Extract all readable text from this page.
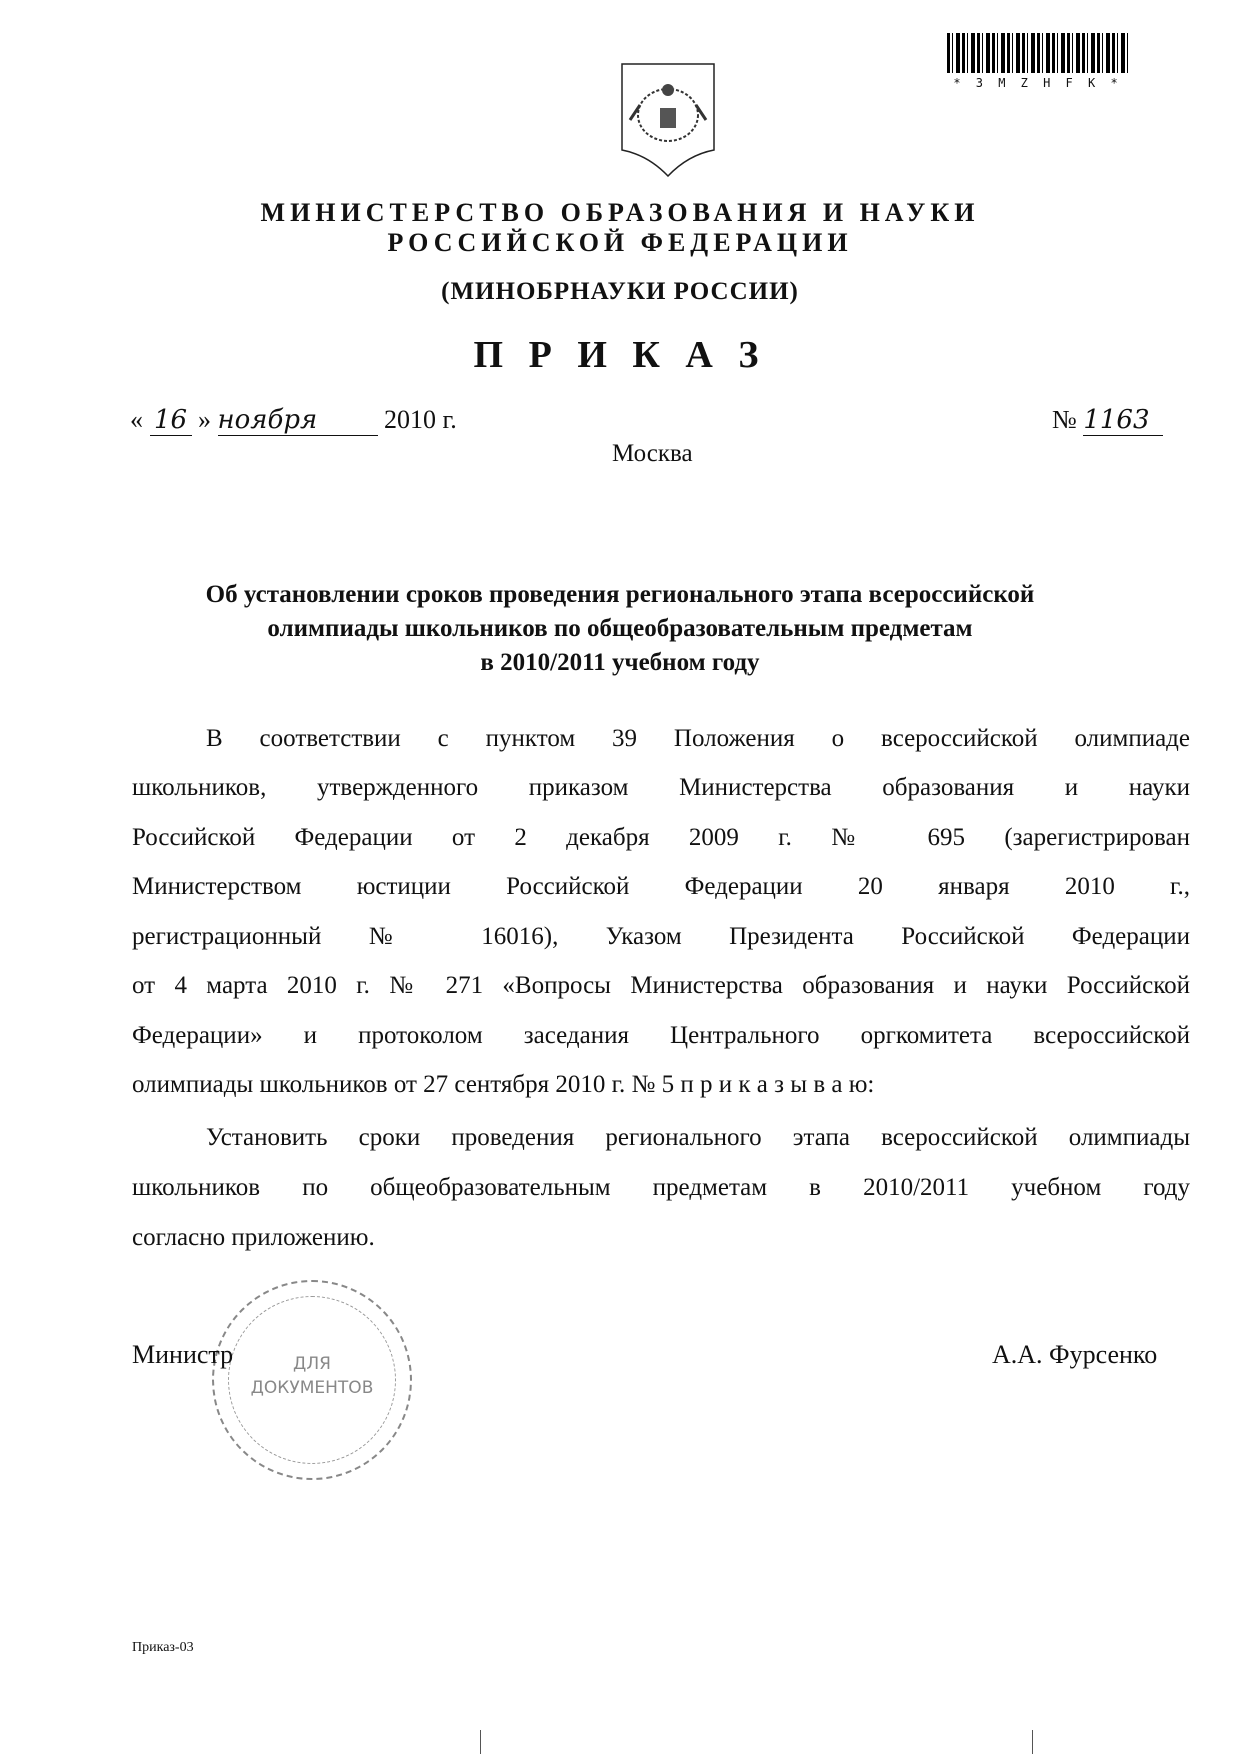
* 3 M Z H F K *
МИНИСТЕРСТВО ОБРАЗОВАНИЯ И НАУКИ
РОССИЙСКОЙ ФЕДЕРАЦИИ
(МИНОБРНАУКИ РОССИИ)
П Р И К А З
« 16 » ноября	2010 г.	№ 1163
Москва
Об установлении сроков проведения регионального этапа всероссийской
олимпиады школьников по общеобразовательным предметам
в 2010/2011 учебном году
В соответствии с пунктом 39 Положения о всероссийской олимпиаде
школьников, утвержденного приказом Министерства образования и науки
Российской Федерации от 2 декабря 2009 г. № 695 (зарегистрирован
Министерством юстиции Российской Федерации 20 января 2010 г.,
регистрационный № 16016), Указом Президента Российской Федерации
от 4 марта 2010 г. № 271 «Вопросы Министерства образования и науки Российской
Федерации» и протоколом заседания Центрального оргкомитета всероссийской
олимпиады школьников от 27 сентября 2010 г. № 5 п р и к а з ы в а ю:
Установить сроки проведения регионального этапа всероссийской олимпиады
школьников по общеобразовательным предметам в 2010/2011 учебном году
согласно приложению.
ДЛЯ
ДОКУМЕНТОВ
Министр	А.А. Фурсенко
Приказ-03
